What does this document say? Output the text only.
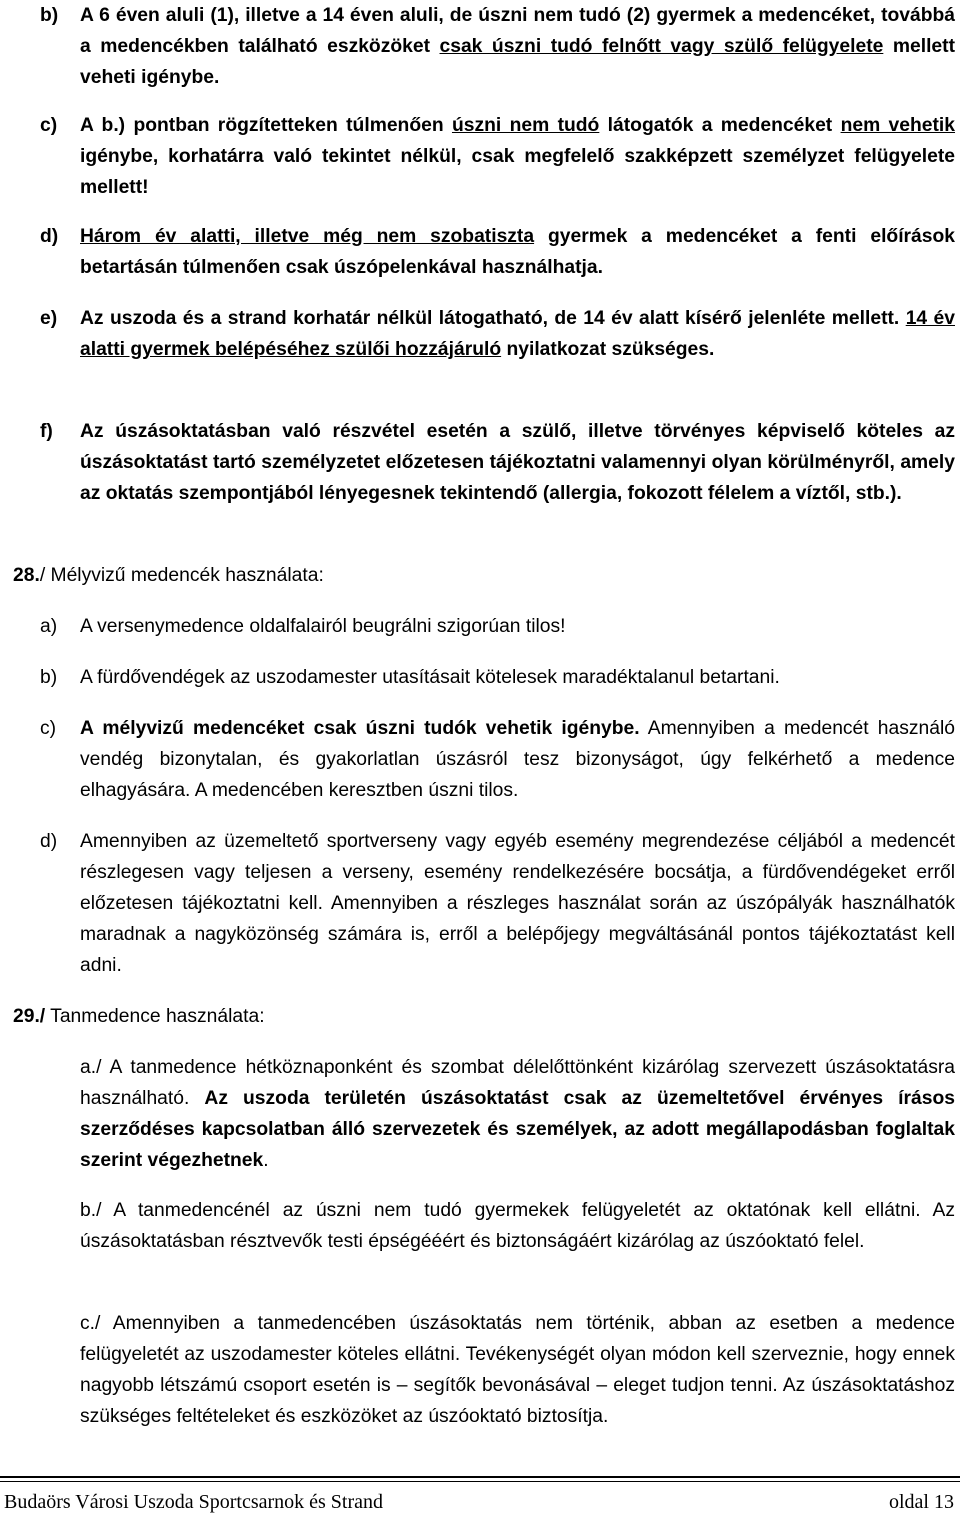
b) A 6 éven aluli (1), illetve a 14 éven aluli, de úszni nem tudó (2) gyermek a medencéket, továbbá a medencékben található eszközöket csak úszni tudó felnőtt vagy szülő felügyelete mellett veheti igénybe.
c) A b.) pontban rögzítetteken túlmenően úszni nem tudó látogatók a medencéket nem vehetik igénybe, korhatárra való tekintet nélkül, csak megfelelő szakképzett személyzet felügyelete mellett!
d) Három év alatti, illetve még nem szobatiszta gyermek a medencéket a fenti előírások betartásán túlmenően csak úszópelenkával használhatja.
e) Az uszoda és a strand korhatár nélkül látogatható, de 14 év alatt kísérő jelenléte mellett. 14 év alatti gyermek belépéséhez szülői hozzájáruló nyilatkozat szükséges.
f) Az úszásoktatásban való részvétel esetén a szülő, illetve törvényes képviselő köteles az úszásoktatást tartó személyzetet előzetesen tájékoztatni valamennyi olyan körülményről, amely az oktatás szempontjából lényegesnek tekintendő (allergia, fokozott félelem a víztől, stb.).
28./ Mélyvizű medencék használata:
a) A versenymedence oldalfalairól beugrálni szigorúan tilos!
b) A fürdővendégek az uszodamester utasításait kötelesek maradéktalanul betartani.
c) A mélyvizű medencéket csak úszni tudók vehetik igénybe. Amennyiben a medencét használó vendég bizonytalan, és gyakorlatlan úszásról tesz bizonyságot, úgy felkérhető a medence elhagyására. A medencében keresztben úszni tilos.
d) Amennyiben az üzemeltető sportverseny vagy egyéb esemény megrendezése céljából a medencét részlegesen vagy teljesen a verseny, esemény rendelkezésére bocsátja, a fürdővendégeket erről előzetesen tájékoztatni kell. Amennyiben a részleges használat során az úszópályák használhatók maradnak a nagyközönség számára is, erről a belépőjegy megváltásánál pontos tájékoztatást kell adni.
29./ Tanmedence használata:
a./ A tanmedence hétköznaponként és szombat délelőttönként kizárólag szervezett úszásoktatásra használható. Az uszoda területén úszásoktatást csak az üzemeltetővel érvényes írásos szerződéses kapcsolatban álló szervezetek és személyek, az adott megállapodásban foglaltak szerint végezhetnek.
b./ A tanmedencénél az úszni nem tudó gyermekek felügyeletét az oktatónak kell ellátni. Az úszásoktatásban résztvevők testi épségééért és biztonságáért kizárólag az úszóoktató felel.
c./ Amennyiben a tanmedencében úszásoktatás nem történik, abban az esetben a medence felügyeletét az uszodamester köteles ellátni. Tevékenységét olyan módon kell szerveznie, hogy ennek nagyobb létszámú csoport esetén is – segítők bevonásával – eleget tudjon tenni. Az úszásoktatáshoz szükséges feltételeket és eszközöket az úszóoktató biztosítja.
Budaörs Városi Uszoda Sportcsarnok és Strand	oldal 13
